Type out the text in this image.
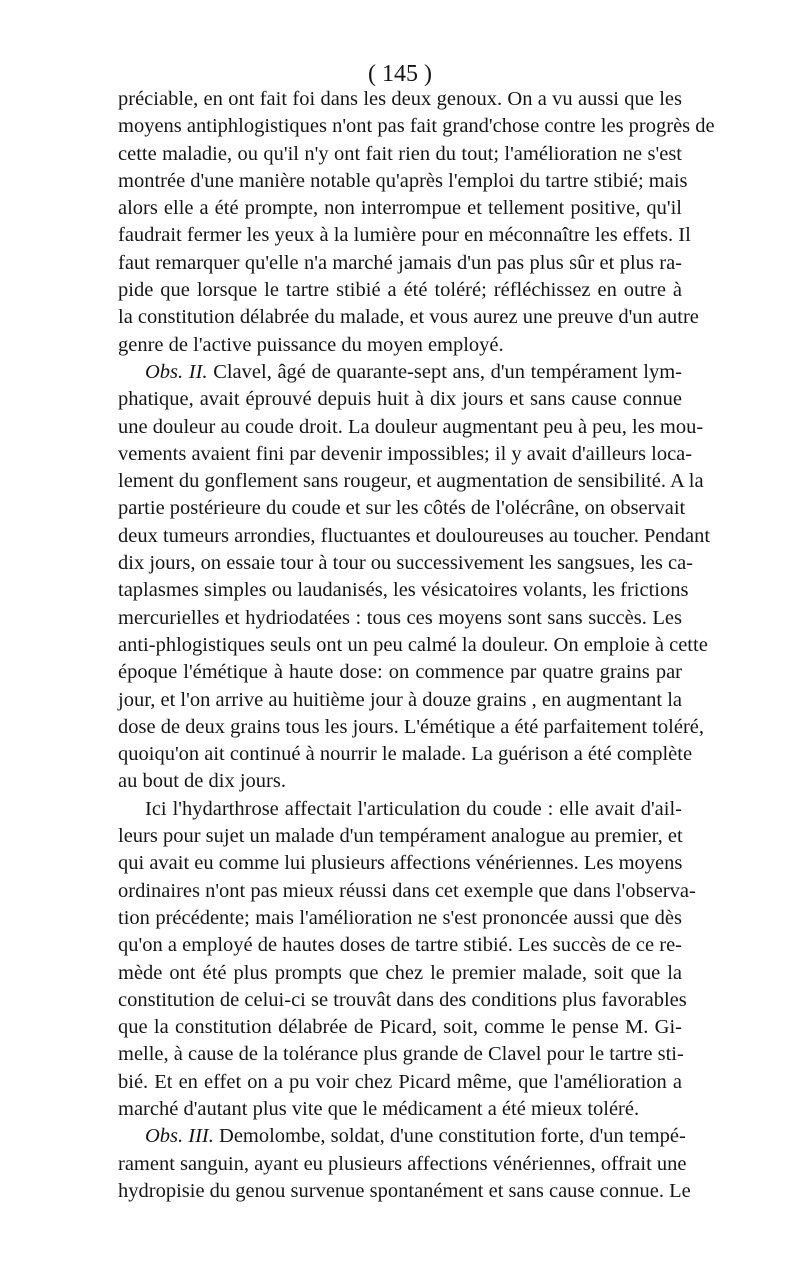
( 145 )
préciable, en ont fait foi dans les deux genoux. On a vu aussi que les
moyens antiphlogistiques n'ont pas fait grand'chose contre les progrès de
cette maladie, ou qu'il n'y ont fait rien du tout; l'amélioration ne s'est
montrée d'une manière notable qu'après l'emploi du tartre stibié; mais
alors elle a été prompte, non interrompue et tellement positive, qu'il
faudrait fermer les yeux à la lumière pour en méconnaître les effets. Il
faut remarquer qu'elle n'a marché jamais d'un pas plus sûr et plus ra-
pide que lorsque le tartre stibié a été toléré; réfléchissez en outre à
la constitution délabrée du malade, et vous aurez une preuve d'un autre
genre de l'active puissance du moyen employé.
Obs. II. Clavel, âgé de quarante-sept ans, d'un tempérament lym-
phatique, avait éprouvé depuis huit à dix jours et sans cause connue
une douleur au coude droit. La douleur augmentant peu à peu, les mou-
vements avaient fini par devenir impossibles; il y avait d'ailleurs loca-
lement du gonflement sans rougeur, et augmentation de sensibilité. A la
partie postérieure du coude et sur les côtés de l'olécrâne, on observait
deux tumeurs arrondies, fluctuantes et douloureuses au toucher. Pendant
dix jours, on essaie tour à tour ou successivement les sangsues, les ca-
taplasmes simples ou laudanisés, les vésicatoires volants, les frictions
mercurielles et hydriodatées : tous ces moyens sont sans succès. Les
anti-phlogistiques seuls ont un peu calmé la douleur. On emploie à cette
époque l'émétique à haute dose: on commence par quatre grains par
jour, et l'on arrive au huitième jour à douze grains , en augmentant la
dose de deux grains tous les jours. L'émétique a été parfaitement toléré,
quoiqu'on ait continué à nourrir le malade. La guérison a été complète
au bout de dix jours.
Ici l'hydarthrose affectait l'articulation du coude : elle avait d'ail-
leurs pour sujet un malade d'un tempérament analogue au premier, et
qui avait eu comme lui plusieurs affections vénériennes. Les moyens
ordinaires n'ont pas mieux réussi dans cet exemple que dans l'observa-
tion précédente; mais l'amélioration ne s'est prononcée aussi que dès
qu'on a employé de hautes doses de tartre stibié. Les succès de ce re-
mède ont été plus prompts que chez le premier malade, soit que la
constitution de celui-ci se trouvât dans des conditions plus favorables
que la constitution délabrée de Picard, soit, comme le pense M. Gi-
melle, à cause de la tolérance plus grande de Clavel pour le tartre sti-
bié. Et en effet on a pu voir chez Picard même, que l'amélioration a
marché d'autant plus vite que le médicament a été mieux toléré.
Obs. III. Demolombe, soldat, d'une constitution forte, d'un tempé-
rament sanguin, ayant eu plusieurs affections vénériennes, offrait une
hydropisie du genou survenue spontanément et sans cause connue. Le
